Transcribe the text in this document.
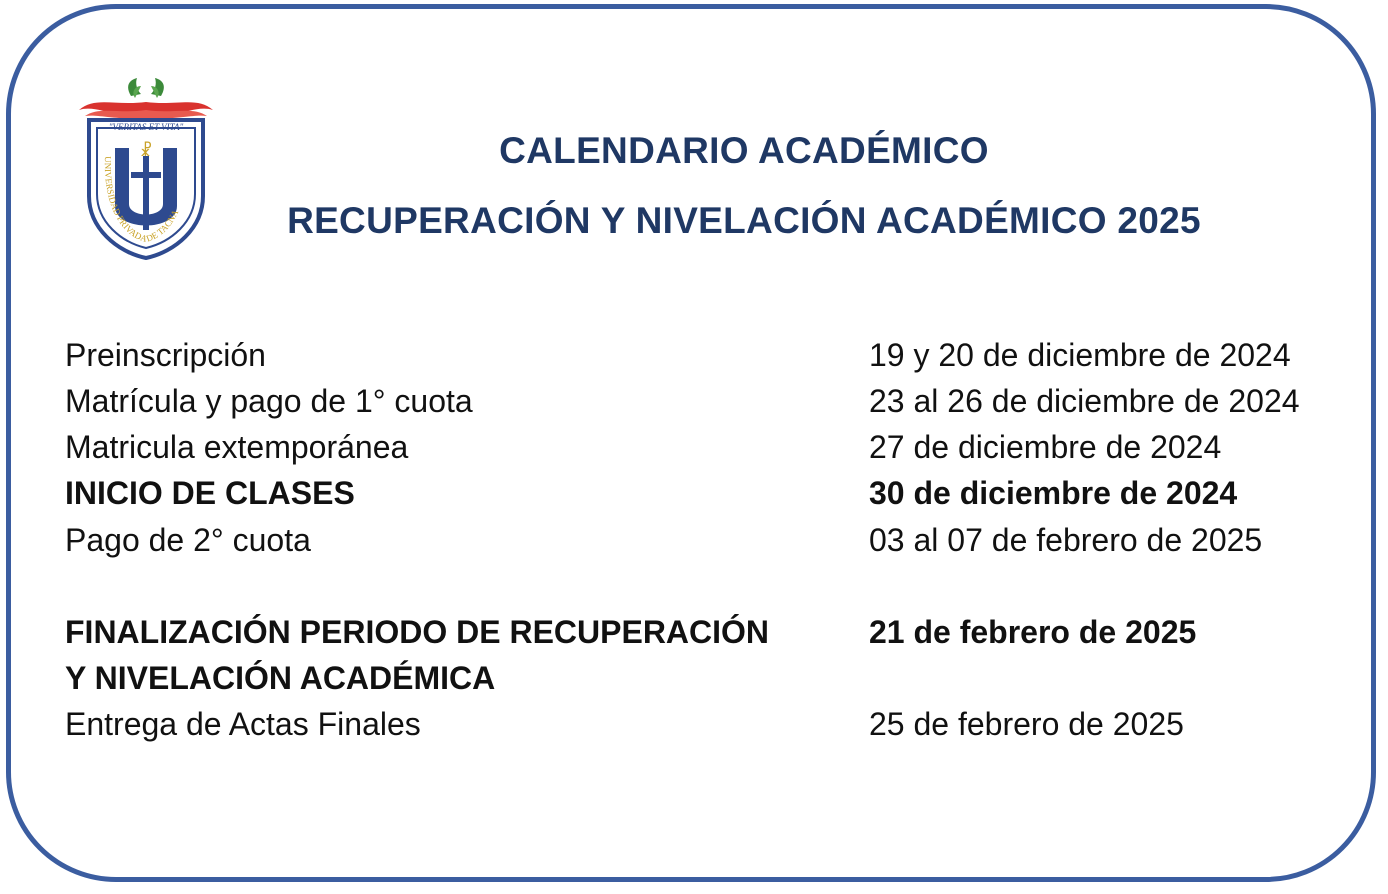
"VERITAS ET VITA"
☧
UNIVERSIDAD PRIVADA DE TACNA
CALENDARIO ACADÉMICO
RECUPERACIÓN Y NIVELACIÓN ACADÉMICO 2025
Preinscripción	19 y 20 de diciembre de 2024
Matrícula y pago de 1° cuota	23 al 26 de diciembre de 2024
Matricula extemporánea	27 de diciembre de 2024
INICIO DE CLASES	30 de diciembre de 2024
Pago de 2° cuota	03 al 07 de febrero de 2025
FINALIZACIÓN PERIODO DE RECUPERACIÓN
Y NIVELACIÓN ACADÉMICA
21 de febrero de 2025
Entrega de Actas Finales	25 de febrero de 2025
